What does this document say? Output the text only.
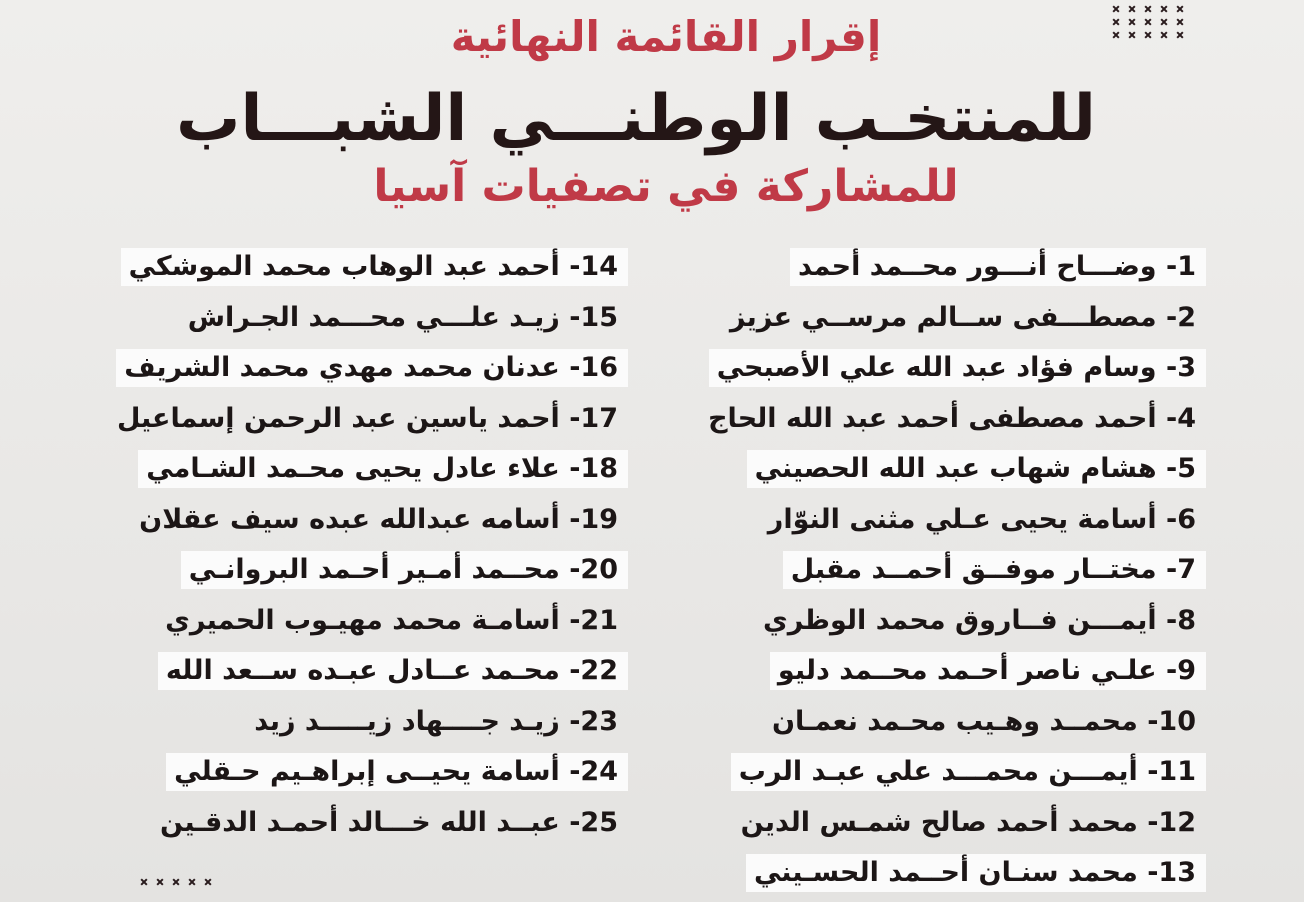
إقرار القائمة النهائية
للمنتخـب الوطنـــي الشبـــاب
للمشاركة في تصفيات آسيا
1- وضـــاح أنـــور محــمد أحمد
2- مصطـــفى ســالم مرســي عزيز
3- وسام فؤاد عبد الله علي الأصبحي
4- أحمد مصطفى أحمد عبد الله الحاج
5- هشام شهاب عبد الله الحصيني
6- أسامة يحيى عـلي مثنى النوّار
7- مختــار موفــق أحمــد مقبل
8- أيمـــن فــاروق محمد الوظري
9- علـي ناصر أحـمد محــمد دليو
10- محمــد وهـيب محـمد نعمـان
11- أيمـــن محمـــد علي عبـد الرب
12- محمد أحمد صالح شمـس الدين
13- محمد سنـان أحــمد الحسـيني
14- أحمد عبد الوهاب محمد الموشكي
15- زيـد علـــي محـــمد الجـراش
16- عدنان محمد مهدي محمد الشريف
17- أحمد ياسين عبد الرحمن إسماعيل
18- علاء عادل يحيى محـمد الشـامي
19- أسامه عبدالله عبده سيف عقلان
20- محــمد أمـير أحـمد البروانـي
21- أسامـة محمد مهيـوب الحميري
22- محـمد عــادل عبـده ســعد الله
23- زيـد جــــهاد زيـــــد زيد
24- أسامة يحيــى إبراهـيم حـقلي
25- عبــد الله خـــالد أحمـد الدقـين
